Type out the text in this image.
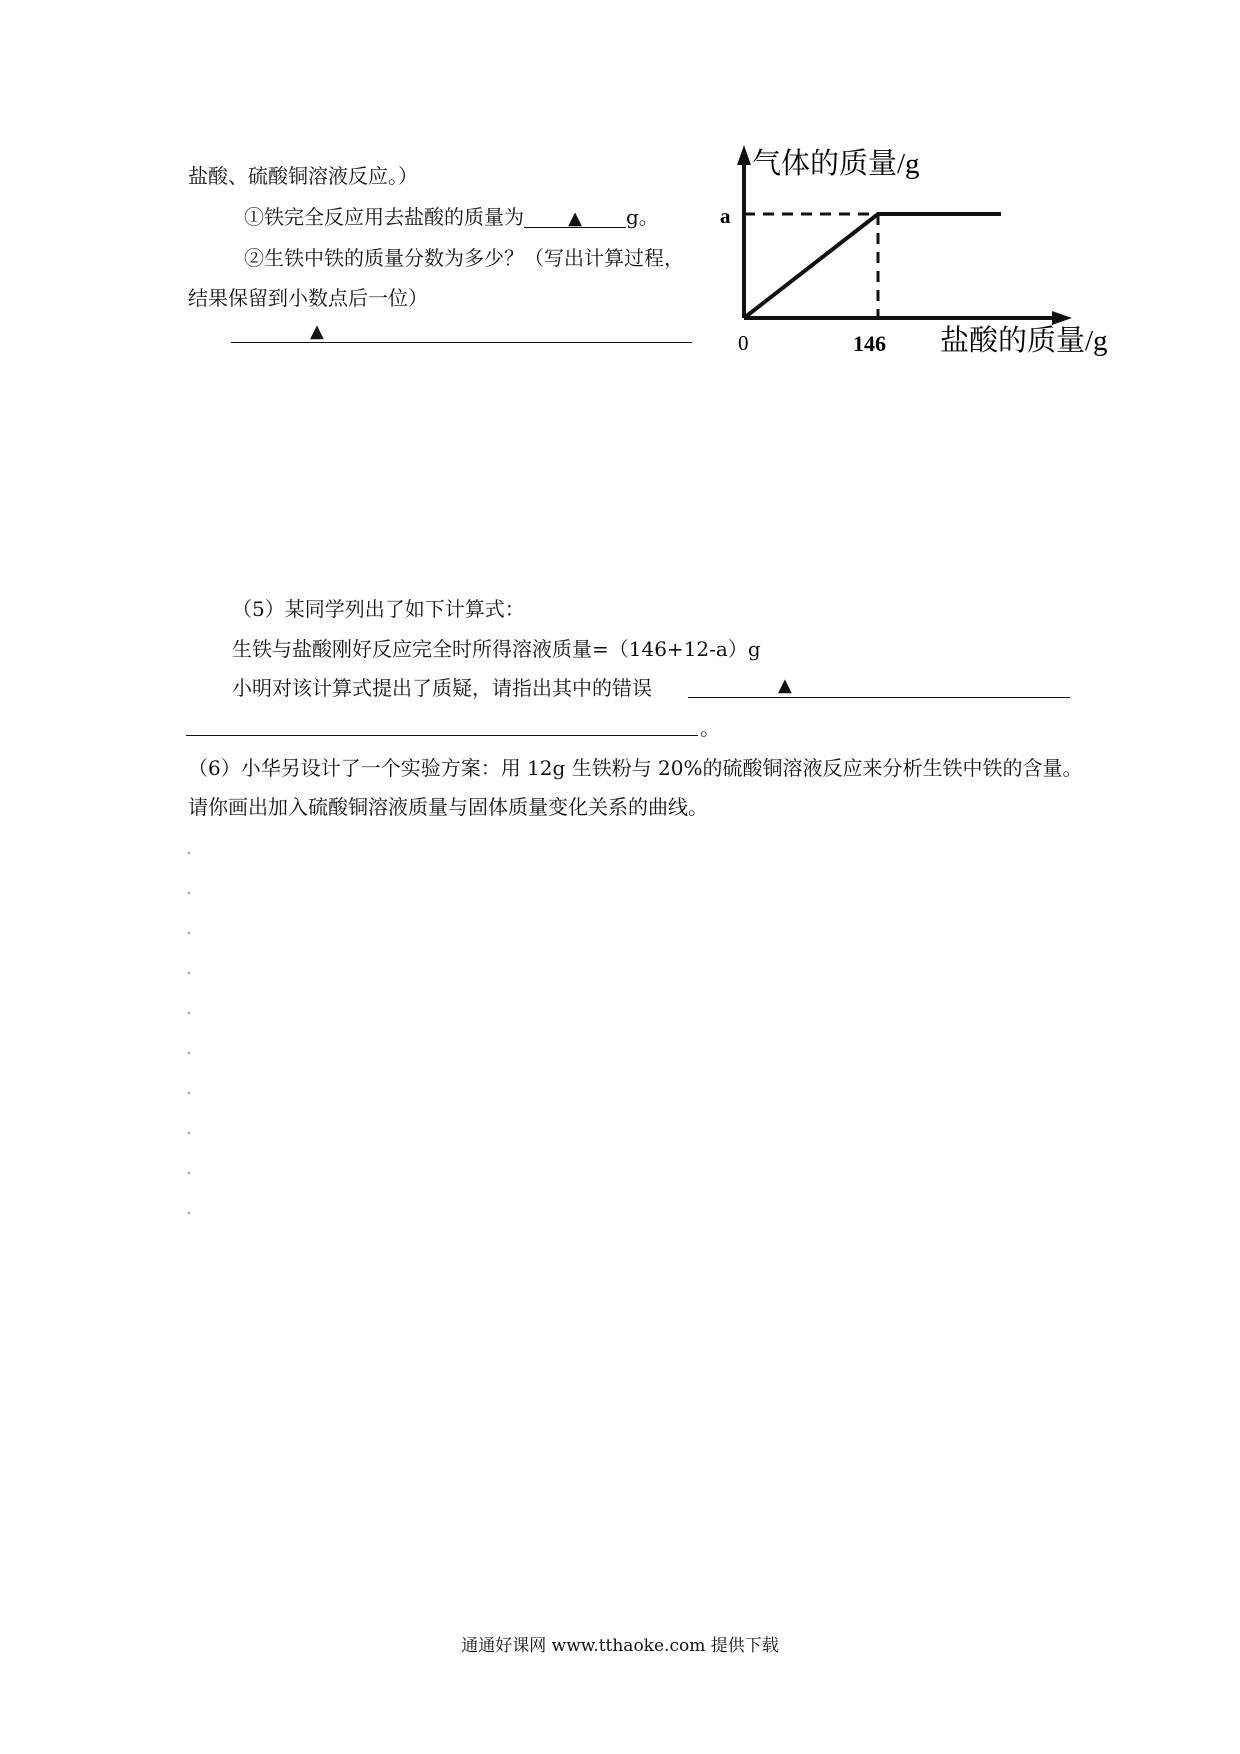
盐酸、硫酸铜溶液反应。）
①铁完全反应用去盐酸的质量为 ▲ g。
②生铁中铁的质量分数为多少？（写出计算过程，
结果保留到小数点后一位）
▲
气体的质量/g
盐酸的质量/g
0	146
a
（5）某同学列出了如下计算式：
生铁与盐酸刚好反应完全时所得溶液质量=（146+12-a）g
小明对该计算式提出了质疑，请指出其中的错误	▲
。
（6）小华另设计了一个实验方案：用 12g 生铁粉与 20%的硫酸铜溶液反应来分析生铁中铁的含量。
请你画出加入硫酸铜溶液质量与固体质量变化关系的曲线。
通通好课网 www.tthaoke.com 提供下载
